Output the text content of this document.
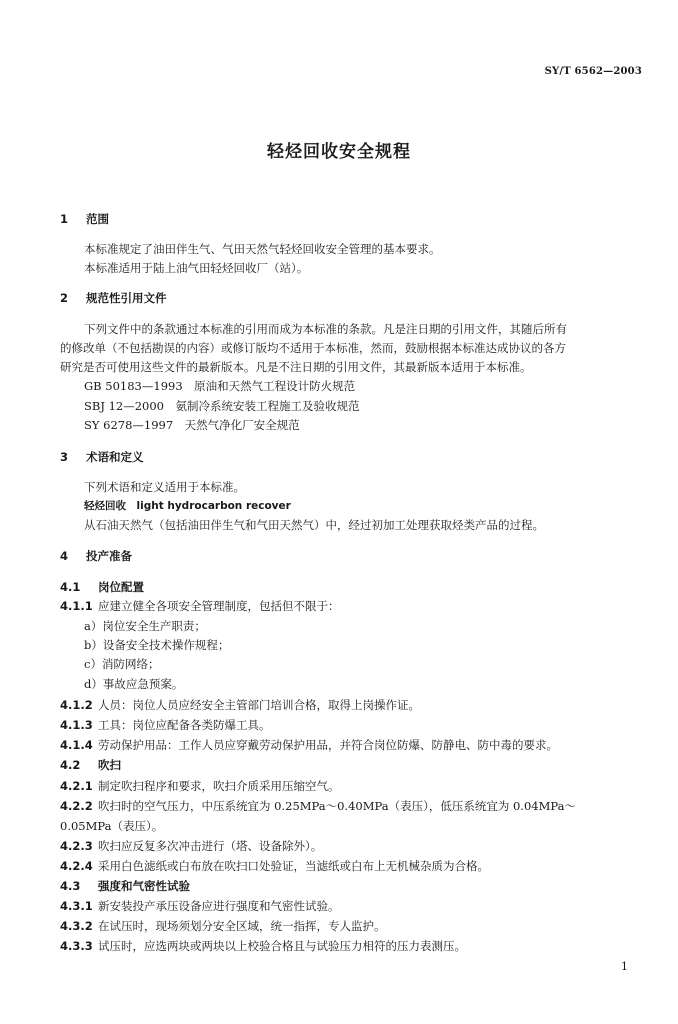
SY/T 6562—2003
轻烃回收安全规程
1 范围
本标准规定了油田伴生气、气田天然气轻烃回收安全管理的基本要求。
本标准适用于陆上油气田轻烃回收厂（站）。
2 规范性引用文件
下列文件中的条款通过本标准的引用而成为本标准的条款。凡是注日期的引用文件，其随后所有
的修改单（不包括勘误的内容）或修订版均不适用于本标准，然而，鼓励根据本标准达成协议的各方
研究是否可使用这些文件的最新版本。凡是不注日期的引用文件，其最新版本适用于本标准。
GB 50183—1993　原油和天然气工程设计防火规范
SBJ 12—2000　氨制冷系统安装工程施工及验收规范
SY 6278—1997　天然气净化厂安全规范
3 术语和定义
下列术语和定义适用于本标准。
轻烃回收　light hydrocarbon recover
从石油天然气（包括油田伴生气和气田天然气）中，经过初加工处理获取烃类产品的过程。
4 投产准备
4.1 岗位配置
4.1.1 应建立健全各项安全管理制度，包括但不限于：
a）岗位安全生产职责；
b）设备安全技术操作规程；
c）消防网络；
d）事故应急预案。
4.1.2 人员：岗位人员应经安全主管部门培训合格，取得上岗操作证。
4.1.3 工具：岗位应配备各类防爆工具。
4.1.4 劳动保护用品：工作人员应穿戴劳动保护用品，并符合岗位防爆、防静电、防中毒的要求。
4.2 吹扫
4.2.1 制定吹扫程序和要求，吹扫介质采用压缩空气。
4.2.2 吹扫时的空气压力，中压系统宜为 0.25MPa～0.40MPa（表压），低压系统宜为 0.04MPa～
0.05MPa（表压）。
4.2.3 吹扫应反复多次冲击进行（塔、设备除外）。
4.2.4 采用白色滤纸或白布放在吹扫口处验证，当滤纸或白布上无机械杂质为合格。
4.3 强度和气密性试验
4.3.1 新安装投产承压设备应进行强度和气密性试验。
4.3.2 在试压时，现场须划分安全区域，统一指挥，专人监护。
4.3.3 试压时，应选两块或两块以上校验合格且与试验压力相符的压力表测压。
1
